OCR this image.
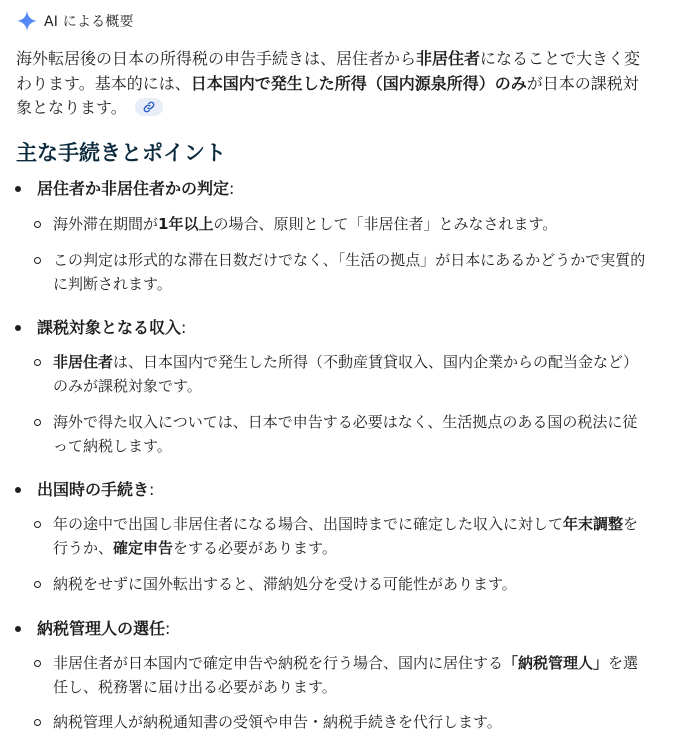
AI による概要
海外転居後の日本の所得税の申告手続きは、居住者から非居住者になることで大きく変わります。基本的には、日本国内で発生した所得（国内源泉所得）のみが日本の課税対象となります。
主な手続きとポイント
居住者か非居住者かの判定:
海外滞在期間が1年以上の場合、原則として「非居住者」とみなされます。
この判定は形式的な滞在日数だけでなく、「生活の拠点」が日本にあるかどうかで実質的に判断されます。
課税対象となる収入:
非居住者は、日本国内で発生した所得（不動産賃貸収入、国内企業からの配当金など）のみが課税対象です。
海外で得た収入については、日本で申告する必要はなく、生活拠点のある国の税法に従って納税します。
出国時の手続き:
年の途中で出国し非居住者になる場合、出国時までに確定した収入に対して年末調整を行うか、確定申告をする必要があります。
納税をせずに国外転出すると、滞納処分を受ける可能性があります。
納税管理人の選任:
非居住者が日本国内で確定申告や納税を行う場合、国内に居住する「納税管理人」を選任し、税務署に届け出る必要があります。
納税管理人が納税通知書の受領や申告・納税手続きを代行します。
